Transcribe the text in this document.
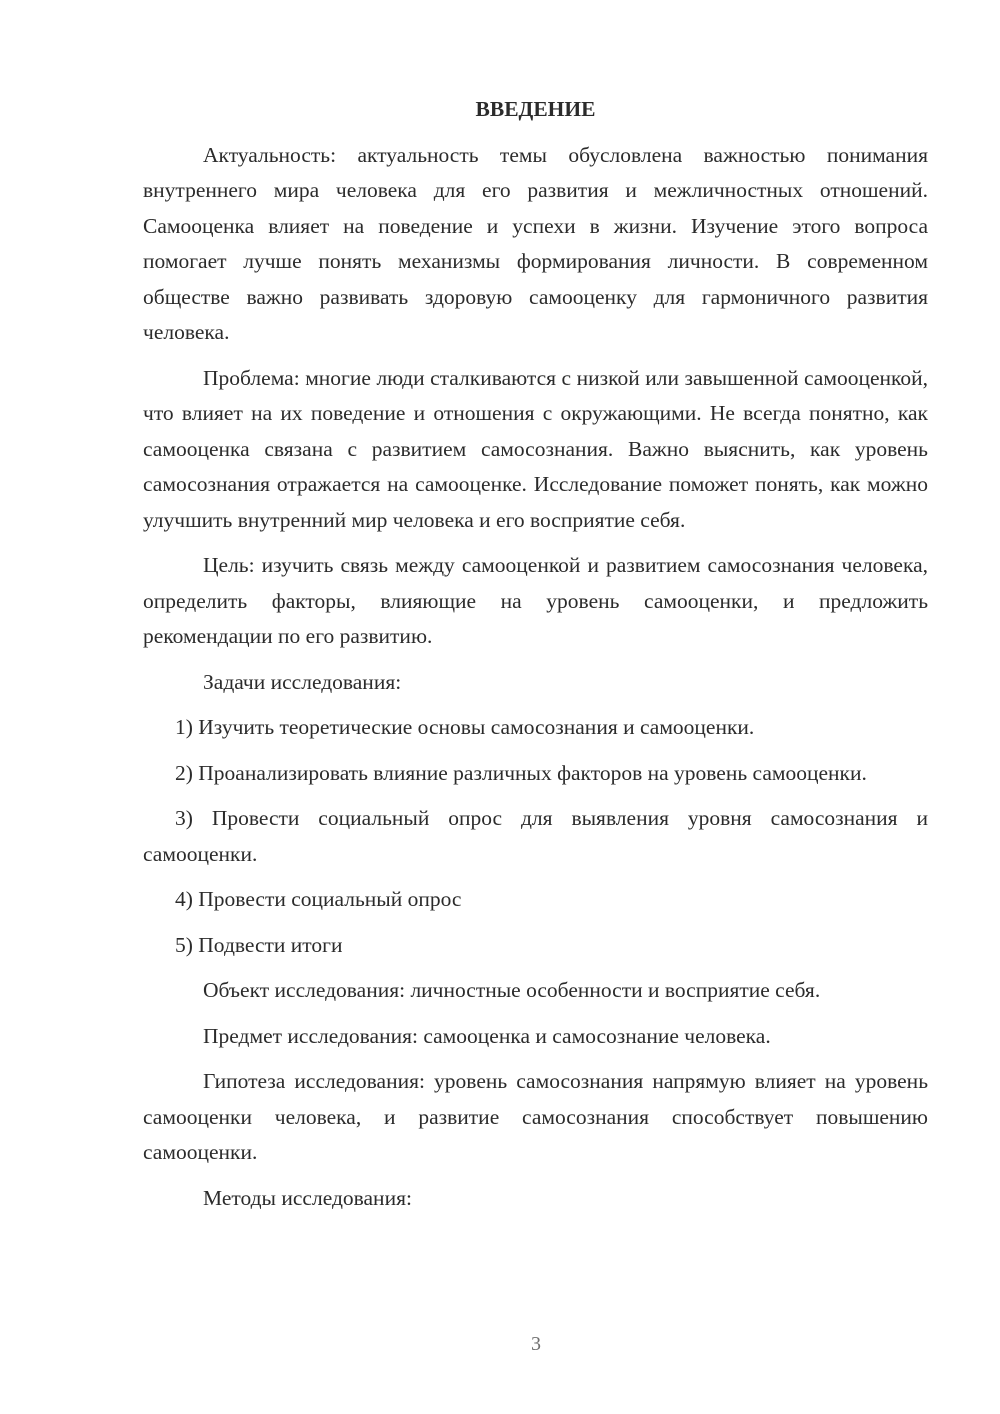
ВВЕДЕНИЕ

Актуальность: актуальность темы обусловлена важностью понимания внутреннего мира человека для его развития и межличностных отношений. Самооценка влияет на поведение и успехи в жизни. Изучение этого вопроса помогает лучше понять механизмы формирования личности. В современном обществе важно развивать здоровую самооценку для гармоничного развития человека.

Проблема: многие люди сталкиваются с низкой или завышенной самооценкой, что влияет на их поведение и отношения с окружающими. Не всегда понятно, как самооценка связана с развитием самосознания. Важно выяснить, как уровень самосознания отражается на самооценке. Исследование поможет понять, как можно улучшить внутренний мир человека и его восприятие себя.

Цель: изучить связь между самооценкой и развитием самосознания человека, определить факторы, влияющие на уровень самооценки, и предложить рекомендации по его развитию.

Задачи исследования:

1) Изучить теоретические основы самосознания и самооценки.

2) Проанализировать влияние различных факторов на уровень самооценки.

3) Провести социальный опрос для выявления уровня самосознания и самооценки.

4) Провести социальный опрос

5) Подвести итоги

Объект исследования: личностные особенности и восприятие себя.

Предмет исследования: самооценка и самосознание человека.

Гипотеза исследования: уровень самосознания напрямую влияет на уровень самооценки человека, и развитие самосознания способствует повышению самооценки.

Методы исследования:

3
